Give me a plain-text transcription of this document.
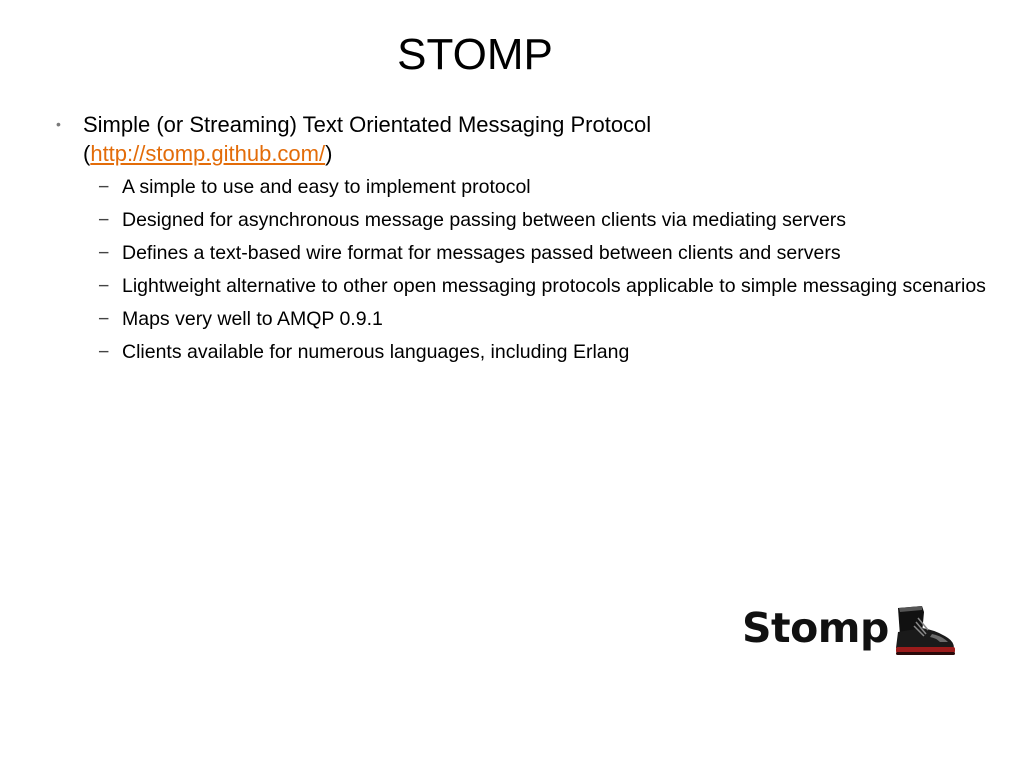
STOMP
• Simple (or Streaming) Text Orientated Messaging Protocol
(http://stomp.github.com/)
− A simple to use and easy to implement protocol
− Designed for asynchronous message passing between clients via mediating servers
− Defines a text-based wire format for messages passed between clients and servers
− Lightweight alternative to other open messaging protocols applicable to simple messaging scenarios
− Maps very well to AMQP 0.9.1
− Clients available for numerous languages, including Erlang
Stomp
